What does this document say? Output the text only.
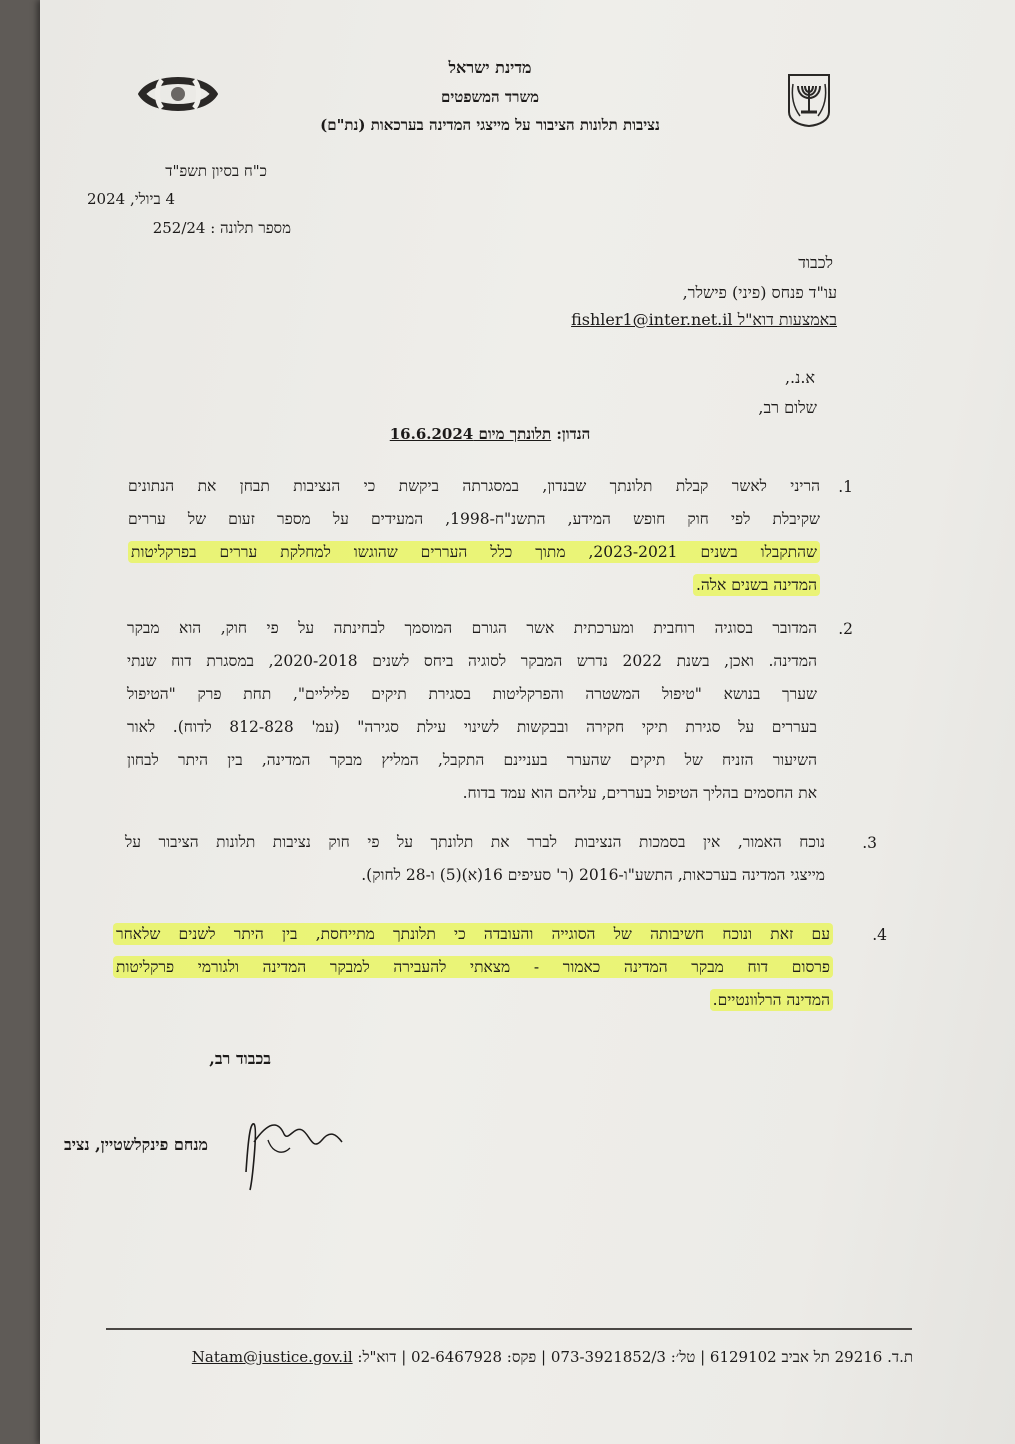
מדינת ישראל
משרד המשפטים
נציבות תלונות הציבור על מייצגי המדינה בערכאות (נת"ם)
כ"ח בסיון תשפ"ד
4 ביולי, 2024
מספר תלונה : 252/24
לכבוד
עו"ד פנחס (פיני) פישלר,
באמצעות דוא"ל fishler1@inter.net.il
א.נ.,
שלום רב,
הנדון: תלונתך מיום 16.6.2024
1.
הריני לאשר קבלת תלונתך שבנדון, במסגרתה ביקשת כי הנציבות תבחן את הנתונים
שקיבלת לפי חוק חופש המידע, התשנ"ח-1998, המעידים על מספר זעום של עררים
שהתקבלו בשנים 2023-2021, מתוך כלל העררים שהוגשו למחלקת עררים בפרקליטות
המדינה בשנים אלה.
2.
המדובר בסוגיה רוחבית ומערכתית אשר הגורם המוסמך לבחינתה על פי חוק, הוא מבקר
המדינה. ואכן, בשנת 2022 נדרש המבקר לסוגיה ביחס לשנים 2020-2018, במסגרת דוח שנתי
שערך בנושא "טיפול המשטרה והפרקליטות בסגירת תיקים פליליים", תחת פרק "הטיפול
בעררים על סגירת תיקי חקירה ובבקשות לשינוי עילת סגירה" (עמ' 812-828 לדוח). לאור
השיעור הזניח של תיקים שהערר בעניינם התקבל, המליץ מבקר המדינה, בין היתר לבחון
את החסמים בהליך הטיפול בעררים, עליהם הוא עמד בדוח.
3.
נוכח האמור, אין בסמכות הנציבות לברר את תלונתך על פי חוק נציבות תלונות הציבור על
מייצגי המדינה בערכאות, התשע"ו-2016 (ר' סעיפים 16(א)(5) ו-28 לחוק).
4.
עם זאת ונוכח חשיבותה של הסוגייה והעובדה כי תלונתך מתייחסת, בין היתר לשנים שלאחר
פרסום דוח מבקר המדינה כאמור - מצאתי להעבירה למבקר המדינה ולגורמי פרקליטות
המדינה הרלוונטיים.
בכבוד רב,
מנחם פינקלשטיין, נציב
ת.ד. 29216 תל אביב 6129102 | טל׳: 073-3921852/3 | פקס: 02-6467928 | דוא"ל: Natam@justice.gov.il
